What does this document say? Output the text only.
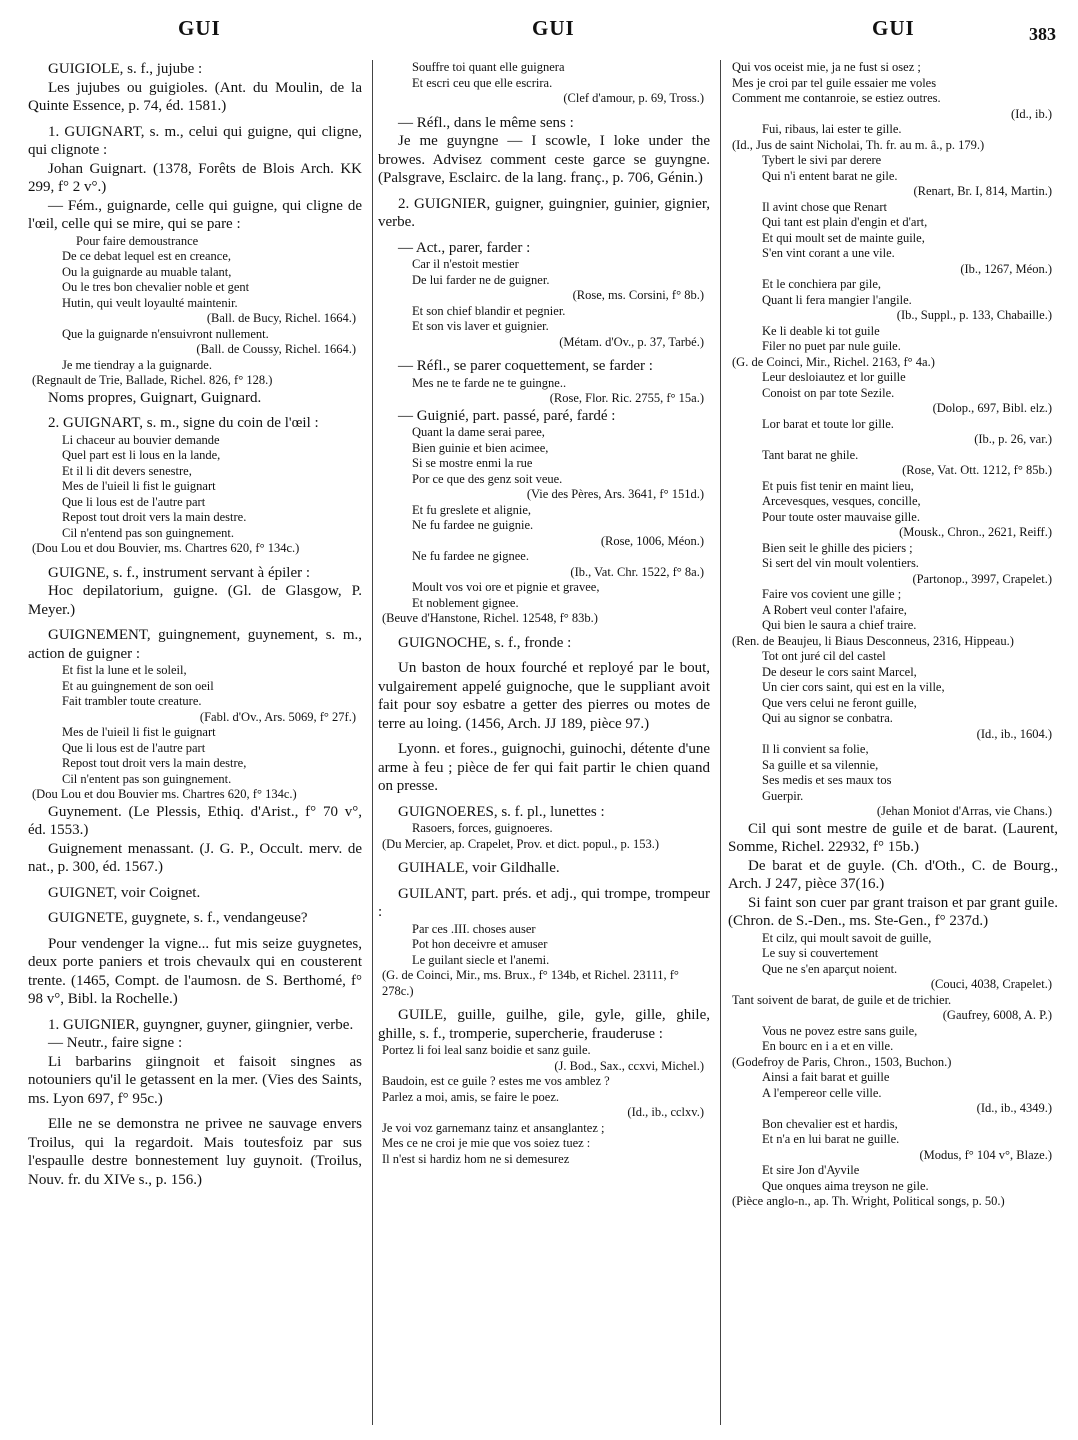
GUI	GUI	GUI	383

GUIGIOLE, s. f., jujube :

Les jujubes ou guigioles. (Ant. du Moulin, de la Quinte Essence, p. 74, éd. 1581.)

1. GUIGNART, s. m., celui qui guigne, qui cligne, qui clignote :

Johan Guignart. (1378, Forêts de Blois Arch. KK 299, f° 2 v°.)

— Fém., guignarde, celle qui guigne, qui cligne de l'œil, celle qui se mire, qui se pare :

Pour faire demoustrance

De ce debat lequel est en creance,

Ou la guignarde au muable talant,

Ou le tres bon chevalier noble et gent

Hutin, qui veult loyaulté maintenir.

(Ball. de Bucy, Richel. 1664.)

Que la guignarde n'ensuivront nullement.

(Ball. de Coussy, Richel. 1664.)

Je me tiendray a la guignarde.

(Regnault de Trie, Ballade, Richel. 826, f° 128.)

Noms propres, Guignart, Guignard.

2. GUIGNART, s. m., signe du coin de l'œil :

Li chaceur au bouvier demande

Quel part est li lous en la lande,

Et il li dit devers senestre,

Mes de l'uieil li fist le guignart

Que li lous est de l'autre part

Repost tout droit vers la main destre.

Cil n'entend pas son guingnement.

(Dou Lou et dou Bouvier, ms. Chartres 620, f° 134c.)

GUIGNE, s. f., instrument servant à épiler :

Hoc depilatorium, guigne. (Gl. de Glasgow, P. Meyer.)

GUIGNEMENT, guingnement, guynement, s. m., action de guigner :

Et fist la lune et le soleil,

Et au guingnement de son oeil

Fait trambler toute creature.

(Fabl. d'Ov., Ars. 5069, f° 27f.)

Mes de l'uieil li fist le guignart

Que li lous est de l'autre part

Repost tout droit vers la main destre,

Cil n'entent pas son guingnement.

(Dou Lou et dou Bouvier ms. Chartres 620, f° 134c.)

Guynement. (Le Plessis, Ethiq. d'Arist., f° 70 v°, éd. 1553.)

Guignement menassant. (J. G. P., Occult. merv. de nat., p. 300, éd. 1567.)

GUIGNET, voir Coignet.

GUIGNETE, guygnete, s. f., vendangeuse?

Pour vendenger la vigne... fut mis seize guygnetes, deux porte paniers et trois chevaulx qui en cousterent trente. (1465, Compt. de l'aumosn. de S. Berthomé, f° 98 v°, Bibl. la Rochelle.)

1. GUIGNIER, guyngner, guyner, giingnier, verbe.

— Neutr., faire signe :

Li barbarins giingnoit et faisoit singnes as notouniers qu'il le getassent en la mer. (Vies des Saints, ms. Lyon 697, f° 95c.)

Elle ne se demonstra ne privee ne sauvage envers Troilus, qui la regardoit. Mais toutesfoiz par sus l'espaulle destre bonnestement luy guynoit. (Troilus, Nouv. fr. du XIVe s., p. 156.)

Souffre toi quant elle guignera

Et escri ceu que elle escrira.

(Clef d'amour, p. 69, Tross.)

— Réfl., dans le même sens :

Je me guyngne — I scowle, I loke under the browes. Advisez comment ceste garce se guyngne. (Palsgrave, Esclairc. de la lang. franç., p. 706, Génin.)

2. GUIGNIER, guigner, guingnier, guinier, gignier, verbe.

— Act., parer, farder :

Car il n'estoit mestier

De lui farder ne de guigner.

(Rose, ms. Corsini, f° 8b.)

Et son chief blandir et pegnier.

Et son vis laver et guignier.

(Métam. d'Ov., p. 37, Tarbé.)

— Réfl., se parer coquettement, se farder :

Mes ne te farde ne te guingne..

(Rose, Flor. Ric. 2755, f° 15a.)

— Guignié, part. passé, paré, fardé :

Quant la dame serai paree,

Bien guinie et bien acimee,

Si se mostre enmi la rue

Por ce que des genz soit veue.

(Vie des Pères, Ars. 3641, f° 151d.)

Et fu greslete et alignie,

Ne fu fardee ne guignie.

(Rose, 1006, Méon.)

Ne fu fardee ne gignee.

(Ib., Vat. Chr. 1522, f° 8a.)

Moult vos voi ore et pignie et gravee,

Et noblement gignee.

(Beuve d'Hanstone, Richel. 12548, f° 83b.)

GUIGNOCHE, s. f., fronde :

Un baston de houx fourché et reployé par le bout, vulgairement appelé guignoche, que le suppliant avoit fait pour soy esbatre a getter des pierres ou motes de terre au loing. (1456, Arch. JJ 189, pièce 97.)

Lyonn. et fores., guignochi, guinochi, détente d'une arme à feu ; pièce de fer qui fait partir le chien quand on presse.

GUIGNOERES, s. f. pl., lunettes :

Rasoers, forces, guignoeres.

(Du Mercier, ap. Crapelet, Prov. et dict. popul., p. 153.)

GUIHALE, voir Gildhalle.

GUILANT, part. prés. et adj., qui trompe, trompeur :

Par ces .III. choses auser

Pot hon deceivre et amuser

Le guilant siecle et l'anemi.

(G. de Coinci, Mir., ms. Brux., f° 134b, et Richel. 23111, f° 278c.)

GUILE, guille, guilhe, gile, gyle, gille, ghile, ghille, s. f., tromperie, supercherie, frauderuse :

Portez li foi leal sanz boidie et sanz guile.

(J. Bod., Sax., ccxvi, Michel.)

Baudoin, est ce guile ? estes me vos amblez ?

Parlez a moi, amis, se faire le poez.

(Id., ib., cclxv.)

Je voi voz garnemanz tainz et ansanglantez ;

Mes ce ne croi je mie que vos soiez tuez :

Il n'est si hardiz hom ne si demesurez

Qui vos oceist mie, ja ne fust si osez ;

Mes je croi par tel guile essaier me voles

Comment me contanroie, se estiez outres.

(Id., ib.)

Fui, ribaus, lai ester te gille.

(Id., Jus de saint Nicholai, Th. fr. au m. â., p. 179.)

Tybert le sivi par derere

Qui n'i entent barat ne gile.

(Renart, Br. I, 814, Martin.)

Il avint chose que Renart

Qui tant est plain d'engin et d'art,

Et qui moult set de mainte guile,

S'en vint corant a une vile.

(Ib., 1267, Méon.)

Et le conchiera par gile,

Quant li fera mangier l'angile.

(Ib., Suppl., p. 133, Chabaille.)

Ke li deable ki tot guile

Filer no puet par nule guile.

(G. de Coinci, Mir., Richel. 2163, f° 4a.)

Leur desloiautez et lor guille

Conoist on par tote Sezile.

(Dolop., 697, Bibl. elz.)

Lor barat et toute lor gille.

(Ib., p. 26, var.)

Tant barat ne ghile.

(Rose, Vat. Ott. 1212, f° 85b.)

Et puis fist tenir en maint lieu,

Arcevesques, vesques, concille,

Pour toute oster mauvaise gille.

(Mousk., Chron., 2621, Reiff.)

Bien seit le ghille des piciers ;

Si sert del vin moult volentiers.

(Partonop., 3997, Crapelet.)

Faire vos covient une gille ;

A Robert veul conter l'afaire,

Qui bien le saura a chief traire.

(Ren. de Beaujeu, li Biaus Desconneus, 2316, Hippeau.)

Tot ont juré cil del castel

De deseur le cors saint Marcel,

Un cier cors saint, qui est en la ville,

Que vers celui ne feront guille,

Qui au signor se conbatra.

(Id., ib., 1604.)

Il li convient sa folie,

Sa guille et sa vilennie,

Ses medis et ses maux tos

Guerpir.

(Jehan Moniot d'Arras, vie Chans.)

Cil qui sont mestre de guile et de barat. (Laurent, Somme, Richel. 22932, f° 15b.)

De barat et de guyle. (Ch. d'Oth., C. de Bourg., Arch. J 247, pièce 37(16.)

Si faint son cuer par grant traison et par grant guile. (Chron. de S.-Den., ms. Ste-Gen., f° 237d.)

Et cilz, qui moult savoit de guille,

Le suy si couvertement

Que ne s'en aparçut noient.

(Couci, 4038, Crapelet.)

Tant soivent de barat, de guile et de trichier.

(Gaufrey, 6008, A. P.)

Vous ne povez estre sans guile,

En bourc en i a et en ville.

(Godefroy de Paris, Chron., 1503, Buchon.)

Ainsi a fait barat et guille

A l'empereor celle ville.

(Id., ib., 4349.)

Bon chevalier est et hardis,

Et n'a en lui barat ne guille.

(Modus, f° 104 v°, Blaze.)

Et sire Jon d'Ayvile

Que onques aima treyson ne gile.

(Pièce anglo-n., ap. Th. Wright, Political songs, p. 50.)
